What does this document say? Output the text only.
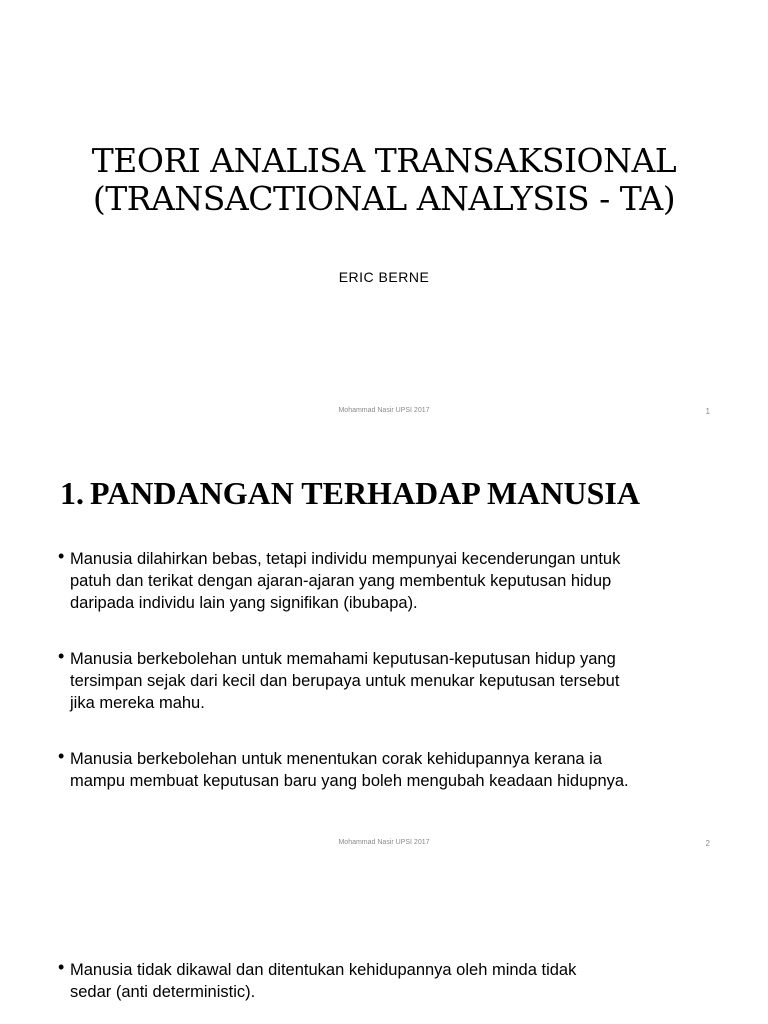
TEORI ANALISA TRANSAKSIONAL
(TRANSACTIONAL ANALYSIS - TA)
ERIC BERNE
Mohammad Nasir UPSI 2017	1
1. PANDANGAN TERHADAP MANUSIA
• Manusia dilahirkan bebas, tetapi individu mempunyai kecenderungan untuk
patuh dan terikat dengan ajaran-ajaran yang membentuk keputusan hidup
daripada individu lain yang signifikan (ibubapa).
• Manusia berkebolehan untuk memahami keputusan-keputusan hidup yang
tersimpan sejak dari kecil dan berupaya untuk menukar keputusan tersebut
jika mereka mahu.
• Manusia berkebolehan untuk menentukan corak kehidupannya kerana ia
mampu membuat keputusan baru yang boleh mengubah keadaan hidupnya.
Mohammad Nasir UPSI 2017	2
• Manusia tidak dikawal dan ditentukan kehidupannya oleh minda tidak
sedar (anti deterministic).
